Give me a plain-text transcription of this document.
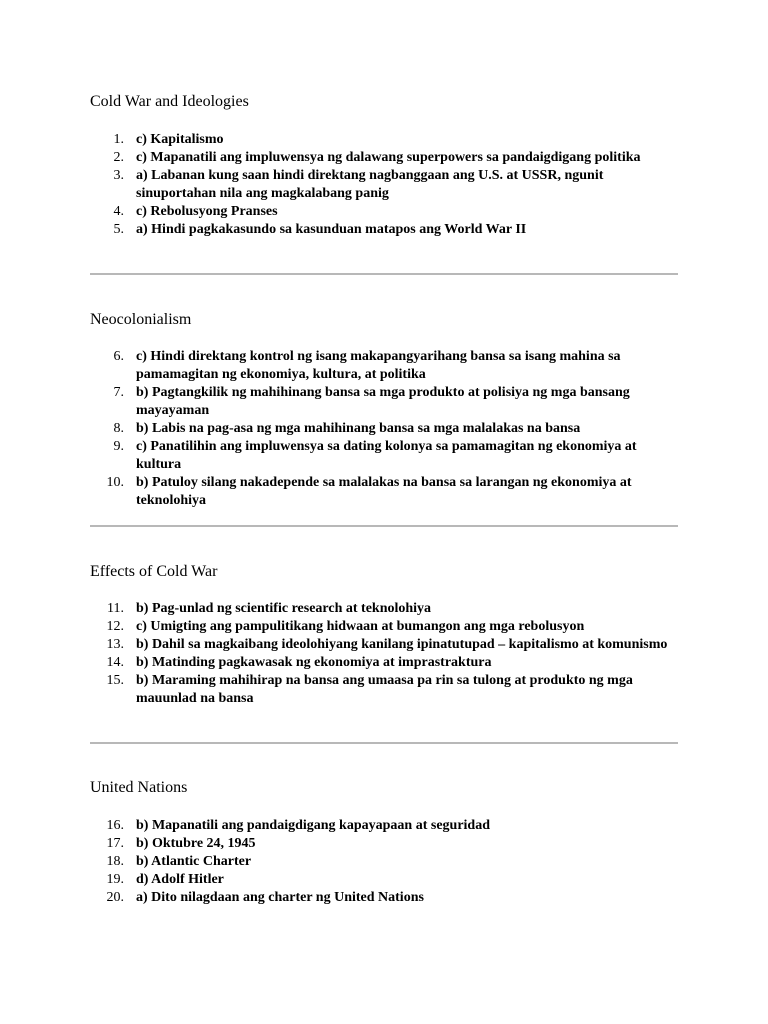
Cold War and Ideologies
1. c) Kapitalismo
2. c) Mapanatili ang impluwensya ng dalawang superpowers sa pandaigdigang politika
3. a) Labanan kung saan hindi direktang nagbanggaan ang U.S. at USSR, ngunit sinuportahan nila ang magkalabang panig
4. c) Rebolusyong Pranses
5. a) Hindi pagkakasundo sa kasunduan matapos ang World War II
Neocolonialism
6. c) Hindi direktang kontrol ng isang makapangyarihang bansa sa isang mahina sa pamamagitan ng ekonomiya, kultura, at politika
7. b) Pagtangkilik ng mahihinang bansa sa mga produkto at polisiya ng mga bansang mayayaman
8. b) Labis na pag-asa ng mga mahihinang bansa sa mga malalakas na bansa
9. c) Panatilihin ang impluwensya sa dating kolonya sa pamamagitan ng ekonomiya at kultura
10. b) Patuloy silang nakadepende sa malalakas na bansa sa larangan ng ekonomiya at teknolohiya
Effects of Cold War
11. b) Pag-unlad ng scientific research at teknolohiya
12. c) Umigting ang pampulitikang hidwaan at bumangon ang mga rebolusyon
13. b) Dahil sa magkaibang ideolohiyang kanilang ipinatutupad – kapitalismo at komunismo
14. b) Matinding pagkawasak ng ekonomiya at imprastraktura
15. b) Maraming mahihirap na bansa ang umaasa pa rin sa tulong at produkto ng mga mauunlad na bansa
United Nations
16. b) Mapanatili ang pandaigdigang kapayapaan at seguridad
17. b) Oktubre 24, 1945
18. b) Atlantic Charter
19. d) Adolf Hitler
20. a) Dito nilagdaan ang charter ng United Nations
